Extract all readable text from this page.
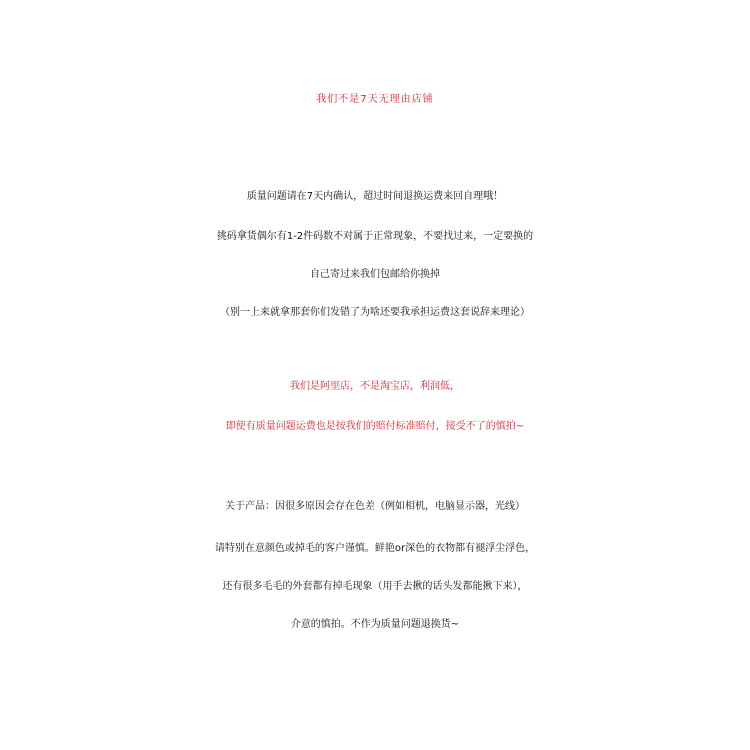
我们不是7天无理由店铺
质量问题请在7天内确认，超过时间退换运费来回自理哦！
挑码拿货偶尔有1-2件码数不对属于正常现象，不要找过来，一定要换的
自己寄过来我们包邮给你换掉
（别一上来就拿那套你们发错了为啥还要我承担运费这套说辞来理论）
我们是阿里店，不是淘宝店，利润低，
即使有质量问题运费也是按我们的赔付标准赔付，接受不了的慎拍~
关于产品：因很多原因会存在色差（例如相机，电脑显示器，光线）
请特别在意颜色或掉毛的客户谨慎。鲜艳or深色的衣物都有褪浮尘浮色，
还有很多毛毛的外套都有掉毛现象（用手去揪的话头发都能揪下来），
介意的慎拍。不作为质量问题退换货~
